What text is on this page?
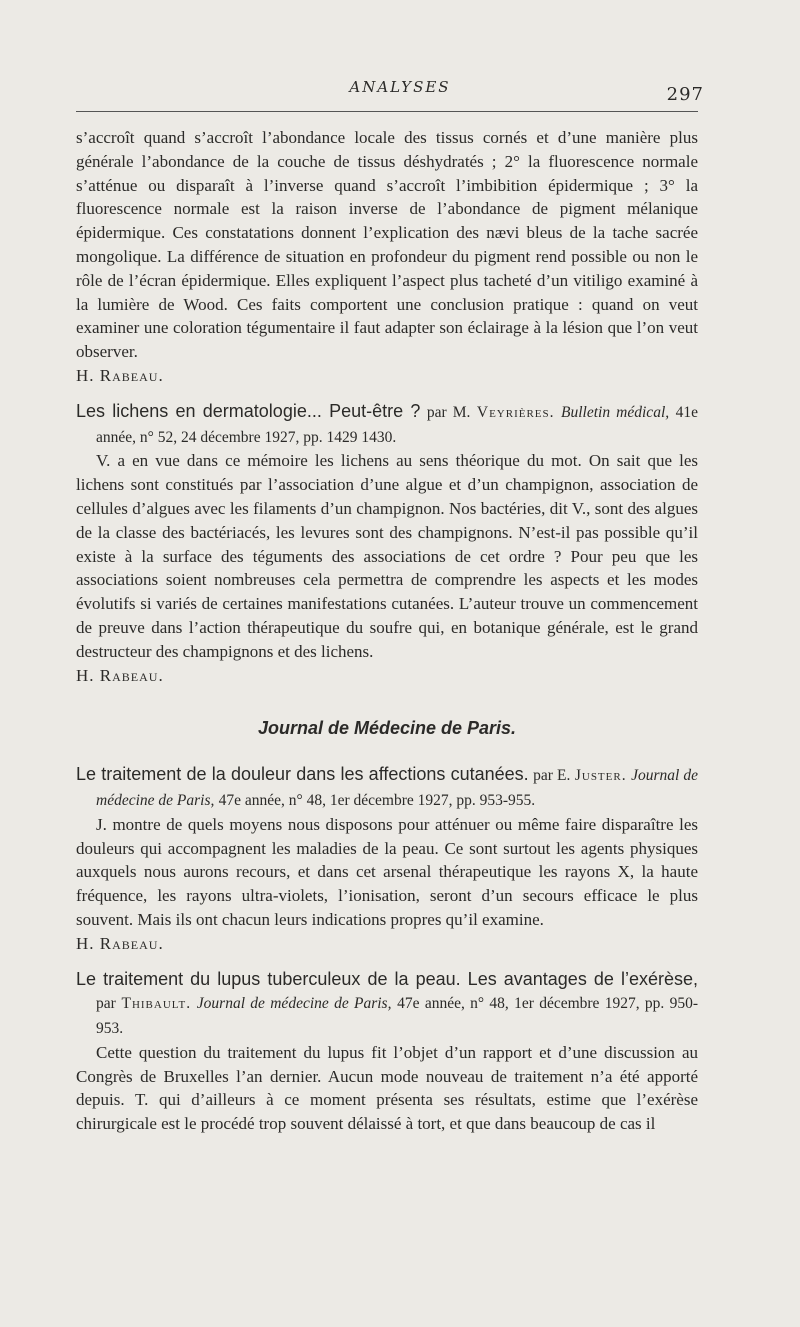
ANALYSES	297

s’accroît quand s’accroît l’abondance locale des tissus cornés et d’une manière plus générale l’abondance de la couche de tissus déshydratés ; 2° la fluorescence normale s’atténue ou disparaît à l’inverse quand s’accroît l’imbibition épidermique ; 3° la fluorescence normale est la raison inverse de l’abondance de pigment mélanique épidermique. Ces constatations donnent l’explication des nævi bleus de la tache sacrée mongolique. La différence de situation en profondeur du pigment rend possible ou non le rôle de l’écran épidermique. Elles expliquent l’aspect plus tacheté d’un vitiligo examiné à la lumière de Wood. Ces faits comportent une conclusion pratique : quand on veut examiner une coloration tégumentaire il faut adapter son éclairage à la lésion que l’on veut observer.

H. Rabeau.

Les lichens en dermatologie... Peut-être ? par M. Veyrières. Bulletin médical, 41e année, n° 52, 24 décembre 1927, pp. 1429 1430.

V. a en vue dans ce mémoire les lichens au sens théorique du mot. On sait que les lichens sont constitués par l’association d’une algue et d’un champignon, association de cellules d’algues avec les filaments d’un champignon. Nos bactéries, dit V., sont des algues de la classe des bactériacés, les levures sont des champignons. N’est-il pas possible qu’il existe à la surface des téguments des associations de cet ordre ? Pour peu que les associations soient nombreuses cela permettra de comprendre les aspects et les modes évolutifs si variés de certaines manifestations cutanées. L’auteur trouve un commencement de preuve dans l’action thérapeutique du soufre qui, en botanique générale, est le grand destructeur des champignons et des lichens.

H. Rabeau.

Journal de Médecine de Paris.

Le traitement de la douleur dans les affections cutanées. par E. Juster. Journal de médecine de Paris, 47e année, n° 48, 1er décembre 1927, pp. 953-955.

J. montre de quels moyens nous disposons pour atténuer ou même faire disparaître les douleurs qui accompagnent les maladies de la peau. Ce sont surtout les agents physiques auxquels nous aurons recours, et dans cet arsenal thérapeutique les rayons X, la haute fréquence, les rayons ultra-violets, l’ionisation, seront d’un secours efficace le plus souvent. Mais ils ont chacun leurs indications propres qu’il examine.

H. Rabeau.

Le traitement du lupus tuberculeux de la peau. Les avantages de l’exérèse, par Thibault. Journal de médecine de Paris, 47e année, n° 48, 1er décembre 1927, pp. 950-953.

Cette question du traitement du lupus fit l’objet d’un rapport et d’une discussion au Congrès de Bruxelles l’an dernier. Aucun mode nouveau de traitement n’a été apporté depuis. T. qui d’ailleurs à ce moment présenta ses résultats, estime que l’exérèse chirurgicale est le procédé trop souvent délaissé à tort, et que dans beaucoup de cas il
